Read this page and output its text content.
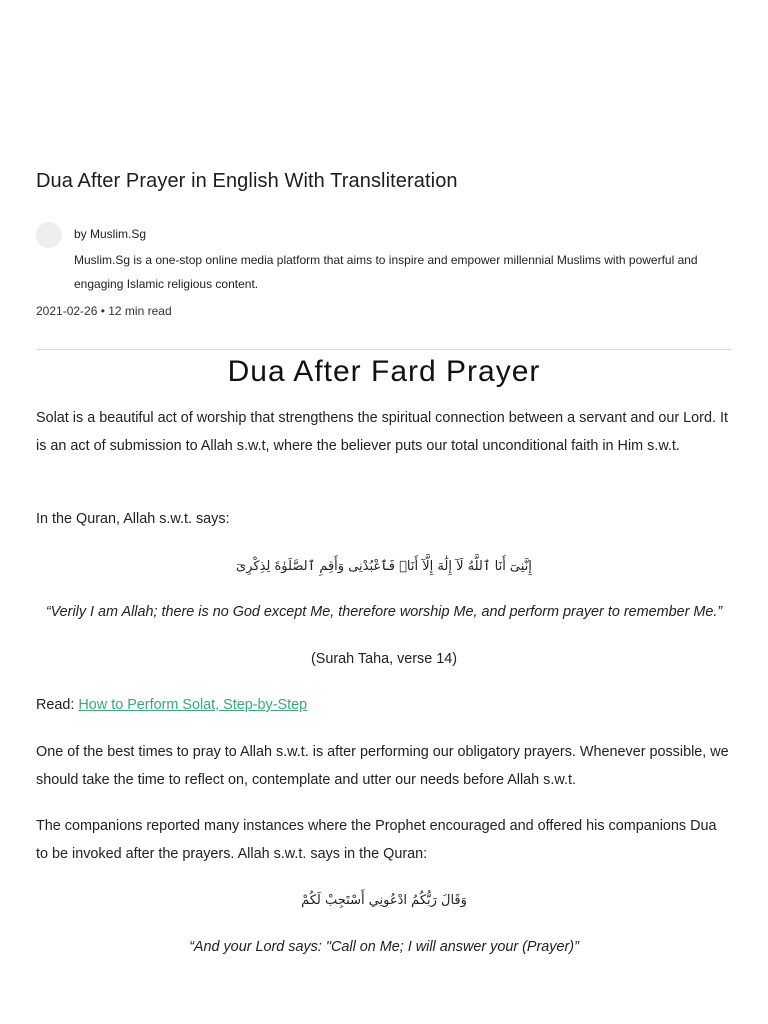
Dua After Prayer in English With Transliteration
by Muslim.Sg
Muslim.Sg is a one-stop online media platform that aims to inspire and empower millennial Muslims with powerful and engaging Islamic religious content.
2021-02-26 • 12 min read
Dua After Fard Prayer

Solat is a beautiful act of worship that strengthens the spiritual connection between a servant and our Lord. It is an act of submission to Allah s.w.t, where the believer puts our total unconditional faith in Him s.w.t.

In the Quran, Allah s.w.t. says:

إِنَّنِىٓ أَنَا ٱللَّهُ لَآ إِلَٰهَ إِلَّآ أَنَا۠ فَٱعْبُدْنِى وَأَقِمِ ٱلصَّلَوٰةَ لِذِكْرِىٓ

“Verily I am Allah; there is no God except Me, therefore worship Me, and perform prayer to remember Me.”

(Surah Taha, verse 14)

Read: How to Perform Solat, Step-by-Step

One of the best times to pray to Allah s.w.t. is after performing our obligatory prayers. Whenever possible, we should take the time to reflect on, contemplate and utter our needs before Allah s.w.t.

The companions reported many instances where the Prophet encouraged and offered his companions Dua to be invoked after the prayers. Allah s.w.t. says in the Quran:

وَقَالَ رَبُّكُمُ ادْعُونِي أَسْتَجِبْ لَكُمْ

“And your Lord says: "Call on Me; I will answer your (Prayer)”
